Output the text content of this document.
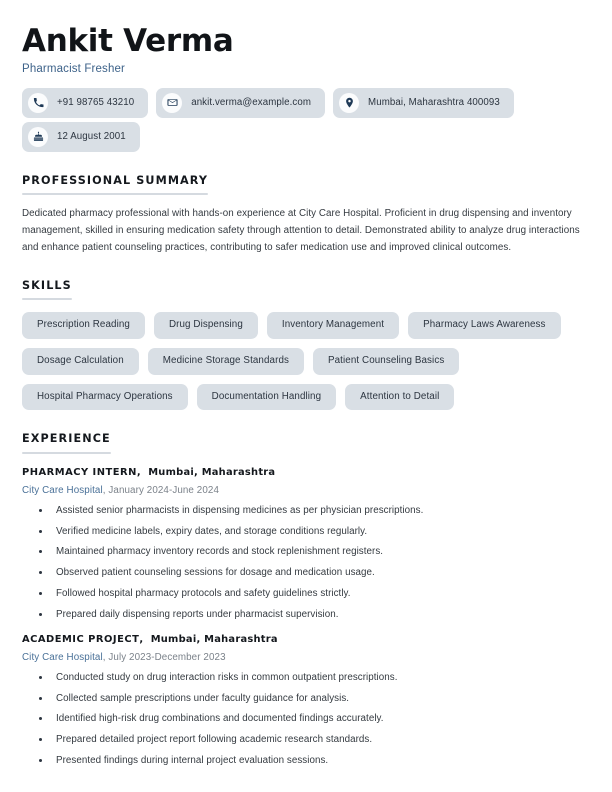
Ankit Verma
Pharmacist Fresher
+91 98765 43210	ankit.verma@example.com	Mumbai, Maharashtra 400093
12 August 2001
PROFESSIONAL SUMMARY
Dedicated pharmacy professional with hands-on experience at City Care Hospital. Proficient in drug dispensing and inventory management, skilled in ensuring medication safety through attention to detail. Demonstrated ability to analyze drug interactions and enhance patient counseling practices, contributing to safer medication use and improved clinical outcomes.
SKILLS
Prescription Reading	Drug Dispensing	Inventory Management	Pharmacy Laws Awareness
Dosage Calculation	Medicine Storage Standards	Patient Counseling Basics
Hospital Pharmacy Operations	Documentation Handling	Attention to Detail
EXPERIENCE
PHARMACY INTERN,  Mumbai, Maharashtra
City Care Hospital, January 2024-June 2024
Assisted senior pharmacists in dispensing medicines as per physician prescriptions.
Verified medicine labels, expiry dates, and storage conditions regularly.
Maintained pharmacy inventory records and stock replenishment registers.
Observed patient counseling sessions for dosage and medication usage.
Followed hospital pharmacy protocols and safety guidelines strictly.
Prepared daily dispensing reports under pharmacist supervision.
ACADEMIC PROJECT,  Mumbai, Maharashtra
City Care Hospital, July 2023-December 2023
Conducted study on drug interaction risks in common outpatient prescriptions.
Collected sample prescriptions under faculty guidance for analysis.
Identified high-risk drug combinations and documented findings accurately.
Prepared detailed project report following academic research standards.
Presented findings during internal project evaluation sessions.
